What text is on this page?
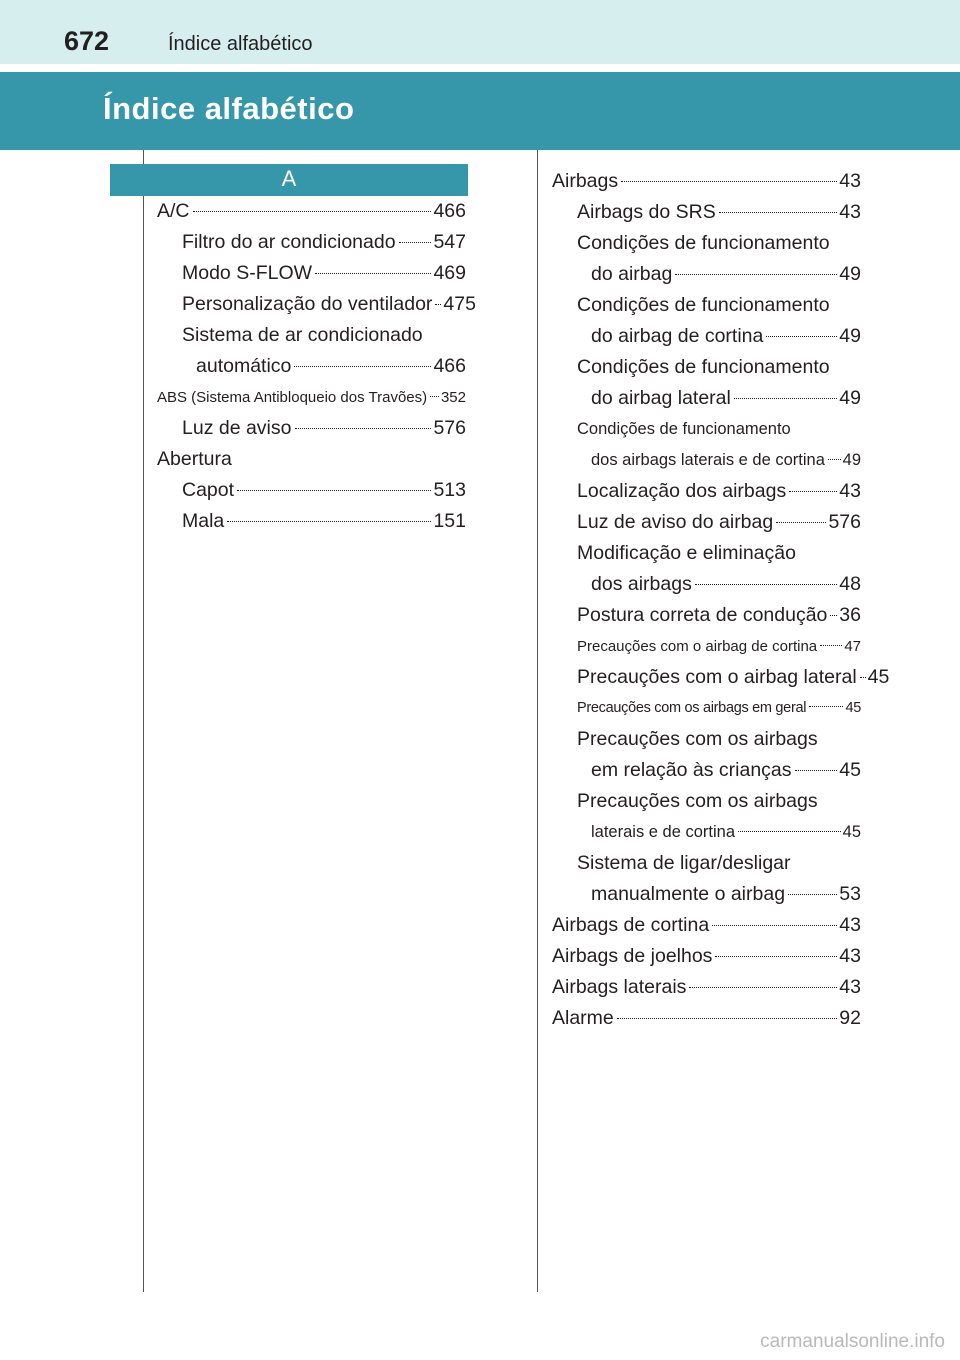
672	Índice alfabético
Índice alfabético
A
A/C	466
Filtro do ar condicionado 547
Modo S-FLOW	469
Personalização do ventilador 475
Sistema de ar condicionado
automático	466
ABS (Sistema Antibloqueio dos Travões) 352
Luz de aviso	576
Abertura
Capot	513
Mala	151
Airbags	43
Airbags do SRS	43
Condições de funcionamento
do airbag	49
Condições de funcionamento
do airbag de cortina	49
Condições de funcionamento
do airbag lateral	49
Condições de funcionamento
dos airbags laterais e de cortina 49
Localização dos airbags	43
Luz de aviso do airbag	576
Modificação e eliminação
dos airbags	48
Postura correta de condução 36
Precauções com o airbag de cortina 47
Precauções com o airbag lateral 45
Precauções com os airbags em geral	45
Precauções com os airbags
em relação às crianças 45
Precauções com os airbags
laterais e de cortina	45
Sistema de ligar/desligar
manualmente o airbag	53
Airbags de cortina	43
Airbags de joelhos	43
Airbags laterais	43
Alarme	92
carmanualsonline.info
